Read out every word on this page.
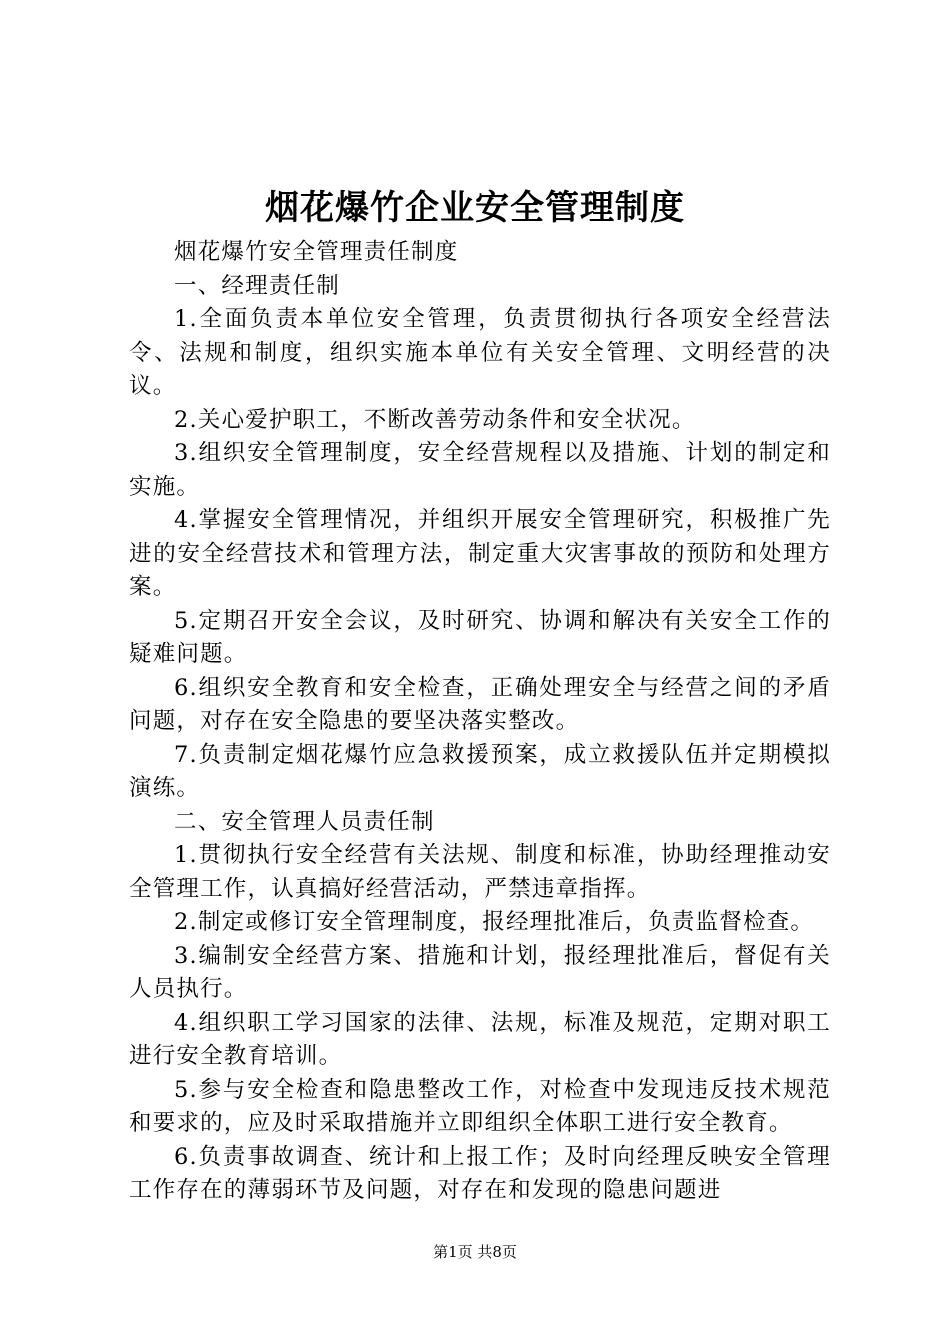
烟花爆竹企业安全管理制度

烟花爆竹安全管理责任制度

一、经理责任制

1.全面负责本单位安全管理，负责贯彻执行各项安全经营法令、法规和制度，组织实施本单位有关安全管理、文明经营的决议。

2.关心爱护职工，不断改善劳动条件和安全状况。

3.组织安全管理制度，安全经营规程以及措施、计划的制定和实施。

4.掌握安全管理情况，并组织开展安全管理研究，积极推广先进的安全经营技术和管理方法，制定重大灾害事故的预防和处理方案。

5.定期召开安全会议，及时研究、协调和解决有关安全工作的疑难问题。

6.组织安全教育和安全检查，正确处理安全与经营之间的矛盾问题，对存在安全隐患的要坚决落实整改。

7.负责制定烟花爆竹应急救援预案，成立救援队伍并定期模拟演练。

二、安全管理人员责任制

1.贯彻执行安全经营有关法规、制度和标准，协助经理推动安全管理工作，认真搞好经营活动，严禁违章指挥。

2.制定或修订安全管理制度，报经理批准后，负责监督检查。

3.编制安全经营方案、措施和计划，报经理批准后，督促有关人员执行。

4.组织职工学习国家的法律、法规，标准及规范，定期对职工进行安全教育培训。

5.参与安全检查和隐患整改工作，对检查中发现违反技术规范和要求的，应及时采取措施并立即组织全体职工进行安全教育。

6.负责事故调查、统计和上报工作；及时向经理反映安全管理工作存在的薄弱环节及问题，对存在和发现的隐患问题进

第1页 共8页
